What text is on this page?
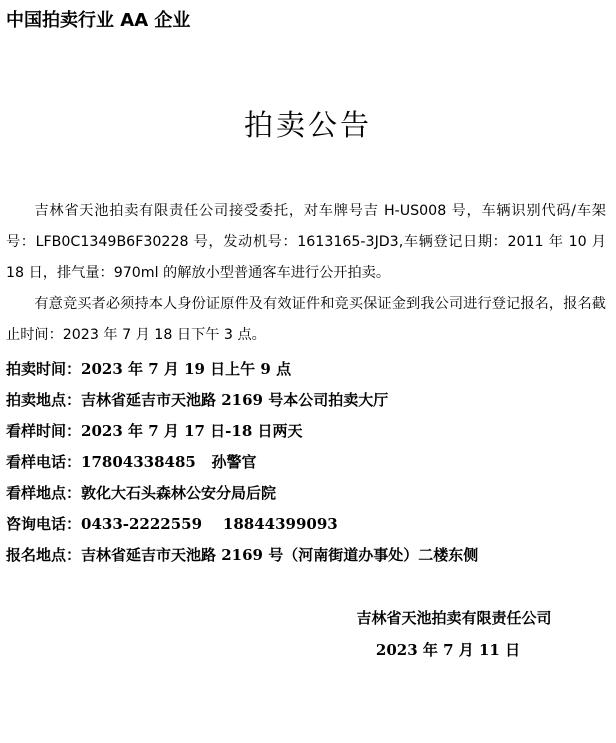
中国拍卖行业 AA 企业
拍卖公告

吉林省天池拍卖有限责任公司接受委托，对车牌号吉 H-US008 号，车辆识别代码/车架号：LFB0C1349B6F30228 号，发动机号：1613165-3JD3,车辆登记日期：2011 年 10 月 18 日，排气量：970ml 的解放小型普通客车进行公开拍卖。

有意竞买者必须持本人身份证原件及有效证件和竞买保证金到我公司进行登记报名，报名截止时间：2023 年 7 月 18 日下午 3 点。

拍卖时间： 2023 年 7 月 19 日上午 9 点
拍卖地点： 吉林省延吉市天池路 2169 号本公司拍卖大厅
看样时间： 2023 年 7 月 17 日-18 日两天
看样电话： 17804338485   孙警官
看样地点： 敦化大石头森林公安分局后院
咨询电话： 0433-2222559    18844399093
报名地点： 吉林省延吉市天池路 2169 号（河南街道办事处）二楼东侧
吉林省天池拍卖有限责任公司
2023 年 7 月 11 日
